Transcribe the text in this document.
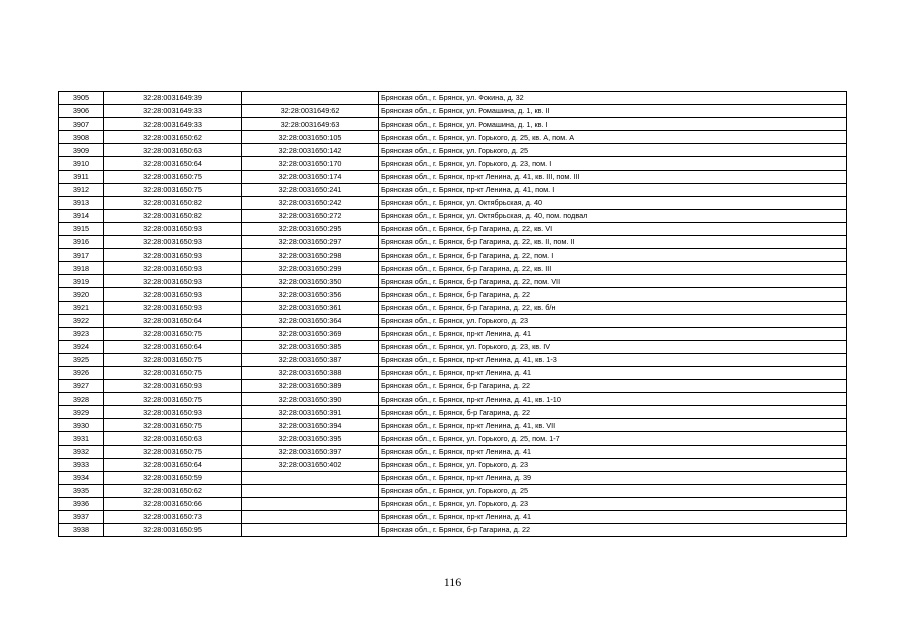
3905	32:28:0031649:39		Брянская обл., г. Брянск, ул. Фокина, д. 32
3906	32:28:0031649:33	32:28:0031649:62	Брянская обл., г. Брянск, ул. Ромашина, д. 1, кв. II
3907	32:28:0031649:33	32:28:0031649:63	Брянская обл., г. Брянск, ул. Ромашина, д. 1, кв. I
3908	32:28:0031650:62	32:28:0031650:105	Брянская обл., г. Брянск, ул. Горького, д. 25, кв. А, пом. А
3909	32:28:0031650:63	32:28:0031650:142	Брянская обл., г. Брянск, ул. Горького, д. 25
3910	32:28:0031650:64	32:28:0031650:170	Брянская обл., г. Брянск, ул. Горького, д. 23, пом. I
3911	32:28:0031650:75	32:28:0031650:174	Брянская обл., г. Брянск, пр-кт Ленина, д. 41, кв. III, пом. III
3912	32:28:0031650:75	32:28:0031650:241	Брянская обл., г. Брянск, пр-кт Ленина, д. 41, пом. I
3913	32:28:0031650:82	32:28:0031650:242	Брянская обл., г. Брянск, ул. Октябрьская, д. 40
3914	32:28:0031650:82	32:28:0031650:272	Брянская обл., г. Брянск, ул. Октябрьская, д. 40, пом. подвал
3915	32:28:0031650:93	32:28:0031650:295	Брянская обл., г. Брянск, б-р Гагарина, д. 22, кв. VI
3916	32:28:0031650:93	32:28:0031650:297	Брянская обл., г. Брянск, б-р Гагарина, д. 22, кв. II, пом. II
3917	32:28:0031650:93	32:28:0031650:298	Брянская обл., г. Брянск, б-р Гагарина, д. 22, пом. I
3918	32:28:0031650:93	32:28:0031650:299	Брянская обл., г. Брянск, б-р Гагарина, д. 22, кв. III
3919	32:28:0031650:93	32:28:0031650:350	Брянская обл., г. Брянск, б-р Гагарина, д. 22, пом. VII
3920	32:28:0031650:93	32:28:0031650:356	Брянская обл., г. Брянск, б-р Гагарина, д. 22
3921	32:28:0031650:93	32:28:0031650:361	Брянская обл., г. Брянск, б-р Гагарина, д. 22, кв. б/н
3922	32:28:0031650:64	32:28:0031650:364	Брянская обл., г. Брянск, ул. Горького, д. 23
3923	32:28:0031650:75	32:28:0031650:369	Брянская обл., г. Брянск, пр-кт Ленина, д. 41
3924	32:28:0031650:64	32:28:0031650:385	Брянская обл., г. Брянск, ул. Горького, д. 23, кв. IV
3925	32:28:0031650:75	32:28:0031650:387	Брянская обл., г. Брянск, пр-кт Ленина, д. 41, кв. 1-3
3926	32:28:0031650:75	32:28:0031650:388	Брянская обл., г. Брянск, пр-кт Ленина, д. 41
3927	32:28:0031650:93	32:28:0031650:389	Брянская обл., г. Брянск, б-р Гагарина, д. 22
3928	32:28:0031650:75	32:28:0031650:390	Брянская обл., г. Брянск, пр-кт Ленина, д. 41, кв. 1-10
3929	32:28:0031650:93	32:28:0031650:391	Брянская обл., г. Брянск, б-р Гагарина, д. 22
3930	32:28:0031650:75	32:28:0031650:394	Брянская обл., г. Брянск, пр-кт Ленина, д. 41, кв. VII
3931	32:28:0031650:63	32:28:0031650:395	Брянская обл., г. Брянск, ул. Горького, д. 25, пом. 1-7
3932	32:28:0031650:75	32:28:0031650:397	Брянская обл., г. Брянск, пр-кт Ленина, д. 41
3933	32:28:0031650:64	32:28:0031650:402	Брянская обл., г. Брянск, ул. Горького, д. 23
3934	32:28:0031650:59		Брянская обл., г. Брянск, пр-кт Ленина, д. 39
3935	32:28:0031650:62		Брянская обл., г. Брянск, ул. Горького, д. 25
3936	32:28:0031650:66		Брянская обл., г. Брянск, ул. Горького, д. 23
3937	32:28:0031650:73		Брянская обл., г. Брянск, пр-кт Ленина, д. 41
3938	32:28:0031650:95		Брянская обл., г. Брянск, б-р Гагарина, д. 22
116
